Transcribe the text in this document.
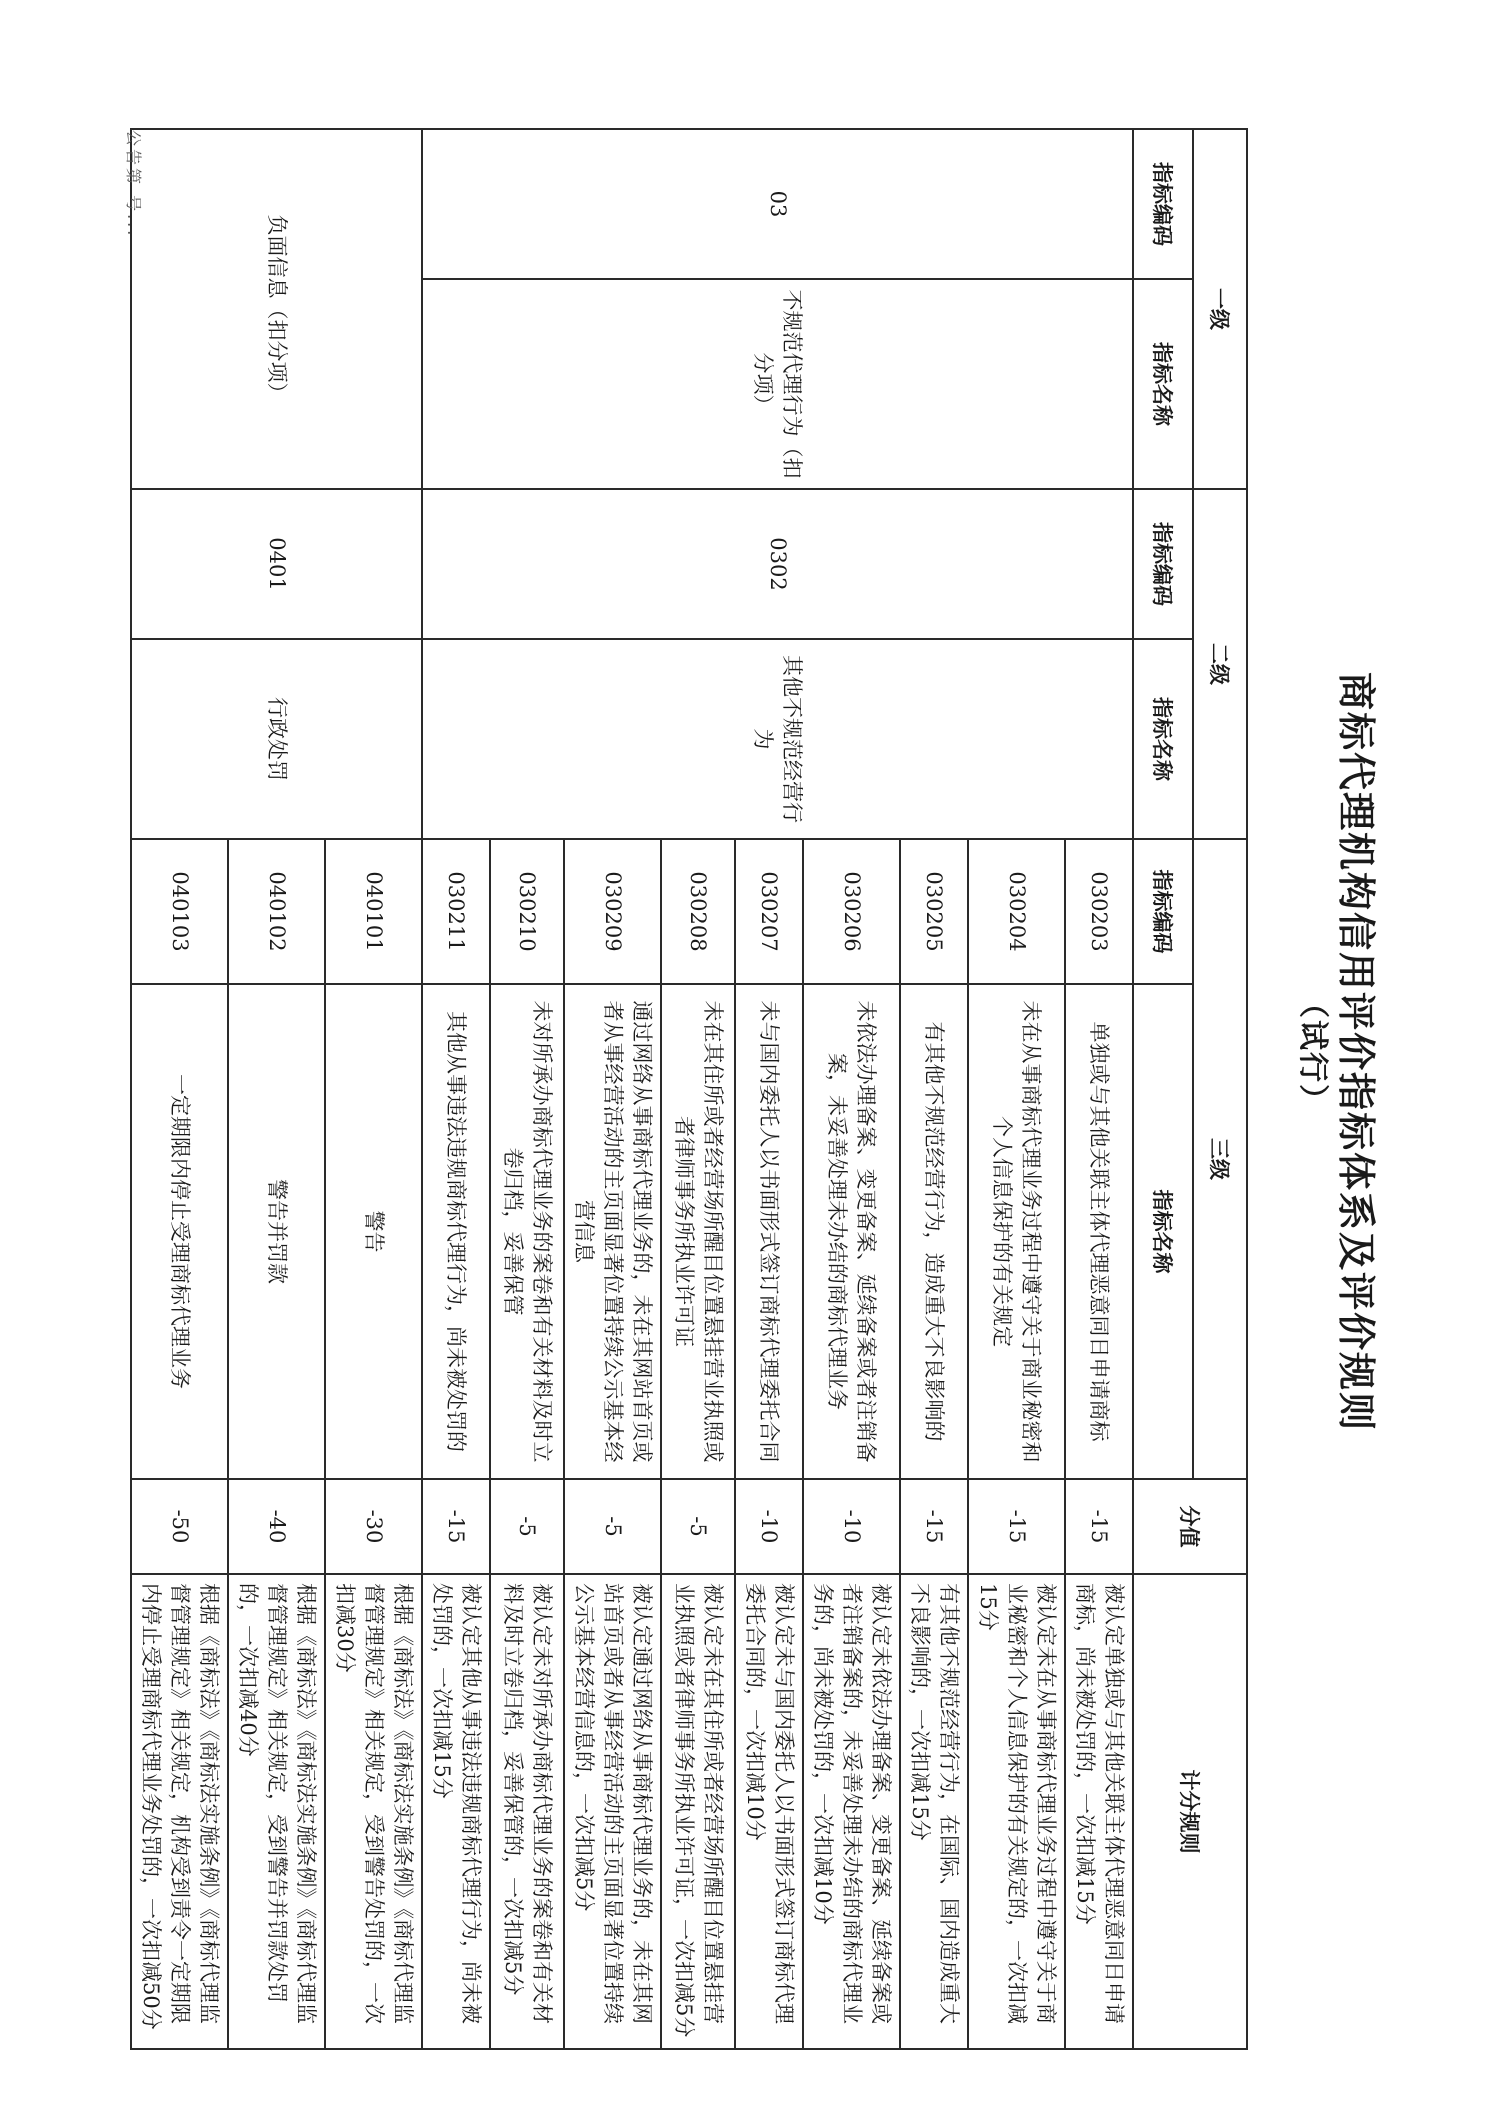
商标代理机构信用评价指标体系及评价规则
（试行）
一级		二级		三级		分值	计分规则
指标编码	指标名称	指标编码	指标名称	指标编码	指标名称		
03	不规范代理行为（扣分项）	0302	其他不规范经营行为	030203	单独或与其他关联主体代理恶意同日申请商标	-15	被认定单独或与其他关联主体代理恶意同日申请商标，尚未被处罚的，一次扣减15分
				030204	未在从事商标代理业务过程中遵守关于商业秘密和个人信息保护的有关规定	-15	被认定未在从事商标代理业务过程中遵守关于商业秘密和个人信息保护的有关规定的，一次扣减15分
				030205	有其他不规范经营行为，造成重大不良影响的	-15	有其他不规范经营行为，在国际、国内造成重大不良影响的，一次扣减15分
				030206	未依法办理备案、变更备案、延续备案或者注销备案，未妥善处理未办结的商标代理业务	-10	被认定未依法办理备案、变更备案、延续备案或者注销备案的，未妥善处理未办结的商标代理业务的，尚未被处罚的，一次扣减10分
				030207	未与国内委托人以书面形式签订商标代理委托合同	-10	被认定未与国内委托人以书面形式签订商标代理委托合同的，一次扣减10分
				030208	未在其住所或者经营场所醒目位置悬挂营业执照或者律师事务所执业许可证	-5	被认定未在其住所或者经营场所醒目位置悬挂营业执照或者律师事务所执业许可证，一次扣减5分
				030209	通过网络从事商标代理业务的，未在其网站首页或者从事经营活动的主页面显著位置持续公示基本经营信息	-5	被认定通过网络从事商标代理业务的，未在其网站首页或者从事经营活动的主页面显著位置持续公示基本经营信息的，一次扣减5分
				030210	未对所承办商标代理业务的案卷和有关材料及时立卷归档，妥善保管	-5	被认定未对所承办商标代理业务的案卷和有关材料及时立卷归档，妥善保管的，一次扣减5分
				030211	其他从事违法违规商标代理行为，尚未被处罚的	-15	被认定其他从事违法违规商标代理行为，尚未被处罚的，一次扣减15分
负面信息（扣分项）		0401	行政处罚	040101	警告	-30	根据《商标法》《商标法实施条例》《商标代理监督管理规定》相关规定，受到警告处罚的，一次扣减30分
				040102	警告并罚款	-40	根据《商标法》《商标法实施条例》《商标代理监督管理规定》相关规定，受到警告并罚款处罚的，一次扣减40分
				040103	一定期限内停止受理商标代理业务	-50	根据《商标法》《商标法实施条例》《商标代理监督管理规定》相关规定，机构受到责令一定期限内停止受理商标代理业务处罚的，一次扣减50分
公告第 号...
